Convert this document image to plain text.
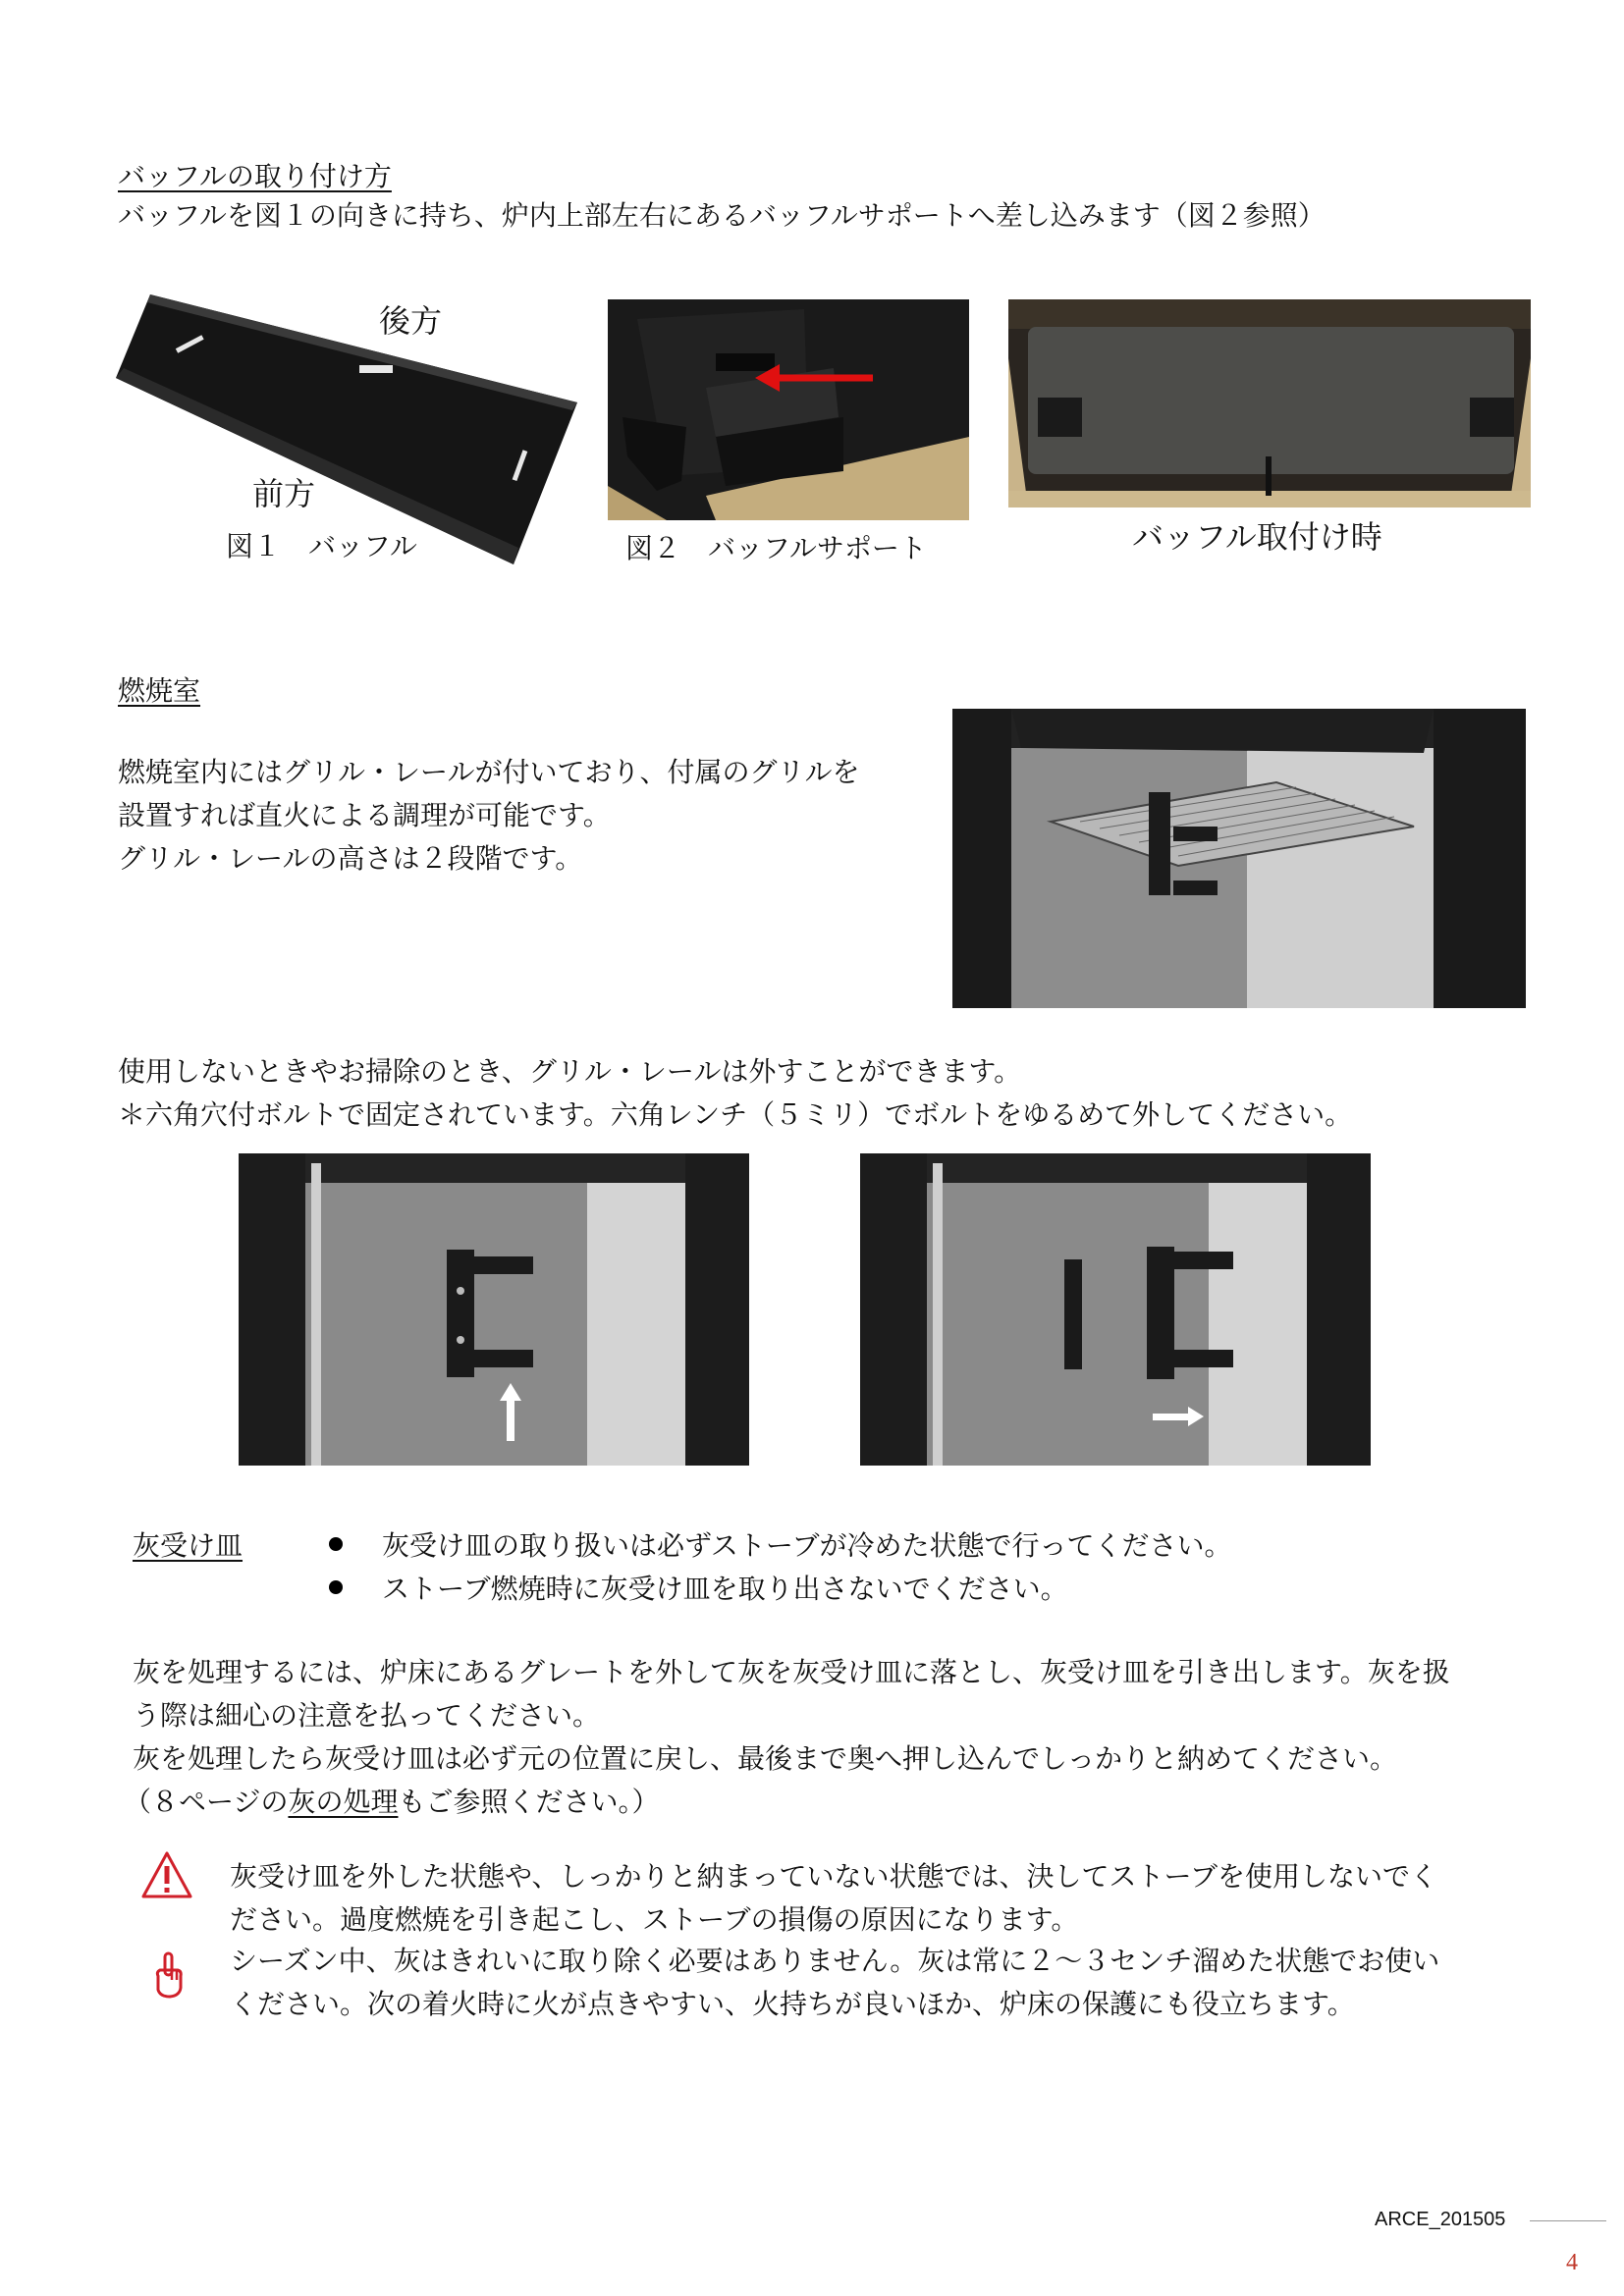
バッフルの取り付け方
バッフルを図１の向きに持ち、炉内上部左右にあるバッフルサポートへ差し込みます（図２参照）
後方
前方
図１　バッフル	図２　バッフルサポート	バッフル取付け時
燃焼室
燃焼室内にはグリル・レールが付いており、付属のグリルを
設置すれば直火による調理が可能です。
グリル・レールの高さは２段階です。
使用しないときやお掃除のとき、グリル・レールは外すことができます。
＊六角穴付ボルトで固定されています。六角レンチ（５ミリ）でボルトをゆるめて外してください。
灰受け皿	灰受け皿の取り扱いは必ずストーブが冷めた状態で行ってください。
ストーブ燃焼時に灰受け皿を取り出さないでください。
灰を処理するには、炉床にあるグレートを外して灰を灰受け皿に落とし、灰受け皿を引き出します。灰を扱
う際は細心の注意を払ってください。
灰を処理したら灰受け皿は必ず元の位置に戻し、最後まで奥へ押し込んでしっかりと納めてください。
（８ページの灰の処理もご参照ください。）
灰受け皿を外した状態や、しっかりと納まっていない状態では、決してストーブを使用しないでく
ださい。過度燃焼を引き起こし、ストーブの損傷の原因になります。
シーズン中、灰はきれいに取り除く必要はありません。灰は常に２～３センチ溜めた状態でお使い
ください。次の着火時に火が点きやすい、火持ちが良いほか、炉床の保護にも役立ちます。
ARCE_201505
4
